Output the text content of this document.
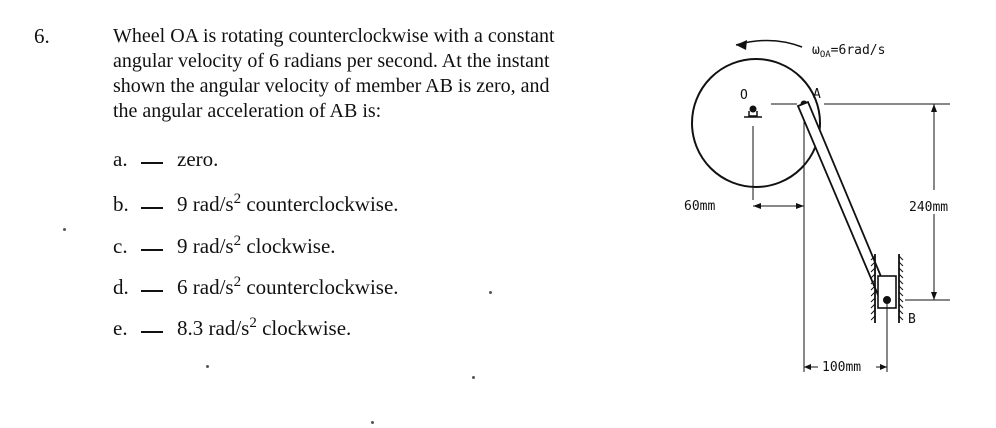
6.	Wheel OA is rotating counterclockwise with a constant
angular velocity of 6 radians per second. At the instant
shown the angular velocity of member AB is zero, and
the angular acceleration of AB is:
a. zero.
b. 9 rad/$s^2$ counterclockwise.
c. 9 rad/$s^2$ clockwise.
d. 6 rad/$s^2$ counterclockwise.
e. 8.3 rad/$s^2$ clockwise.
$\omega_{OA}=6rad/s$
O	A
B
240mm
60mm
100mm
